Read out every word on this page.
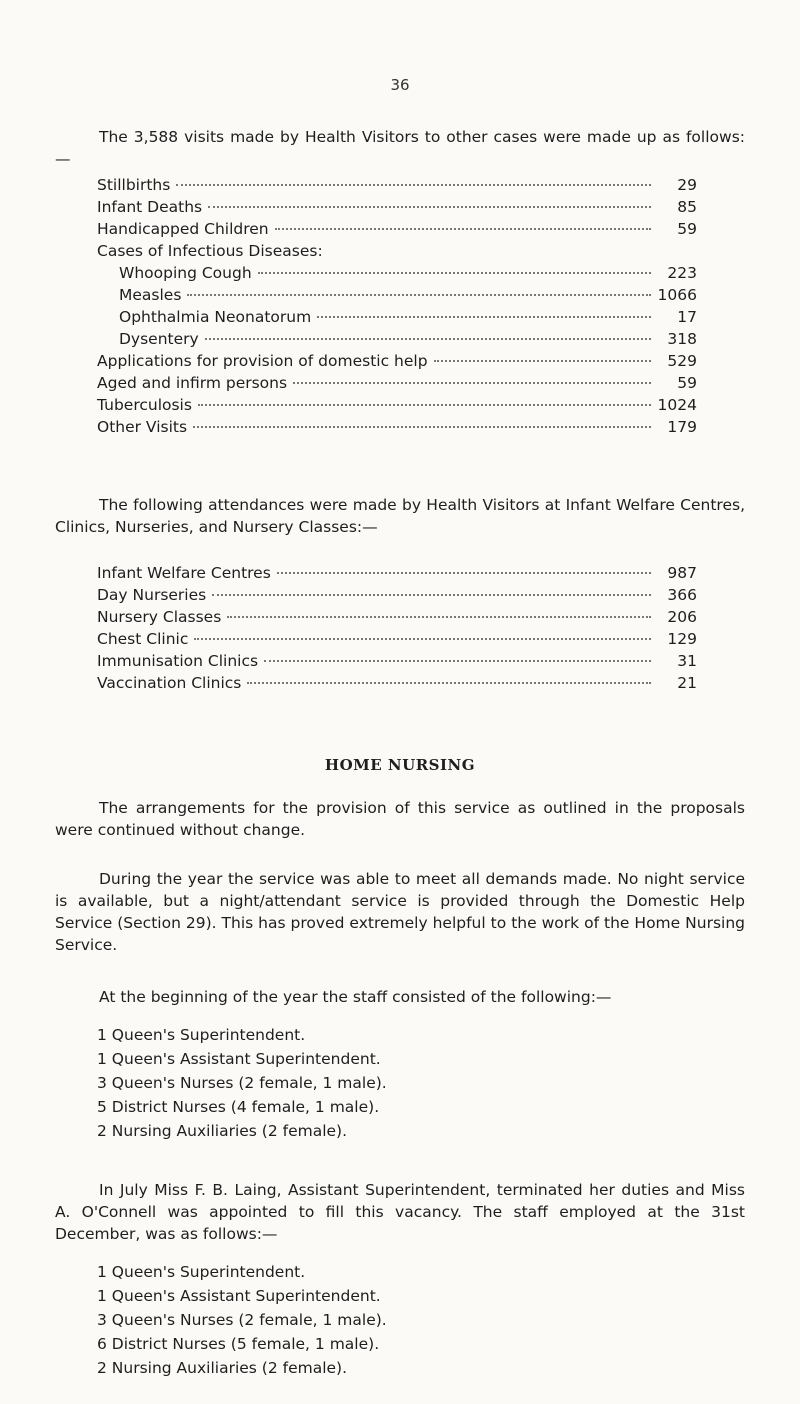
36

The 3,588 visits made by Health Visitors to other cases were made up as follows:—

Stillbirths	29
Infant Deaths	85
Handicapped Children	59
Cases of Infectious Diseases:
Whooping Cough	223
Measles	1066
Ophthalmia Neonatorum	17
Dysentery	318
Applications for provision of domestic help	529
Aged and infirm persons	59
Tuberculosis	1024
Other Visits	179

The following attendances were made by Health Visitors at Infant Welfare Centres, Clinics, Nurseries, and Nursery Classes:—

Infant Welfare Centres	987
Day Nurseries	366
Nursery Classes	206
Chest Clinic	129
Immunisation Clinics	31
Vaccination Clinics	21
HOME NURSING

The arrangements for the provision of this service as outlined in the proposals were continued without change.

During the year the service was able to meet all demands made. No night service is available, but a night/attendant service is provided through the Domestic Help Service (Section 29). This has proved extremely helpful to the work of the Home Nursing Service.

At the beginning of the year the staff consisted of the following:—

1 Queen's Superintendent.
1 Queen's Assistant Superintendent.
3 Queen's Nurses (2 female, 1 male).
5 District Nurses (4 female, 1 male).
2 Nursing Auxiliaries (2 female).

In July Miss F. B. Laing, Assistant Superintendent, terminated her duties and Miss A. O'Connell was appointed to fill this vacancy. The staff employed at the 31st December, was as follows:—

1 Queen's Superintendent.
1 Queen's Assistant Superintendent.
3 Queen's Nurses (2 female, 1 male).
6 District Nurses (5 female, 1 male).
2 Nursing Auxiliaries (2 female).
